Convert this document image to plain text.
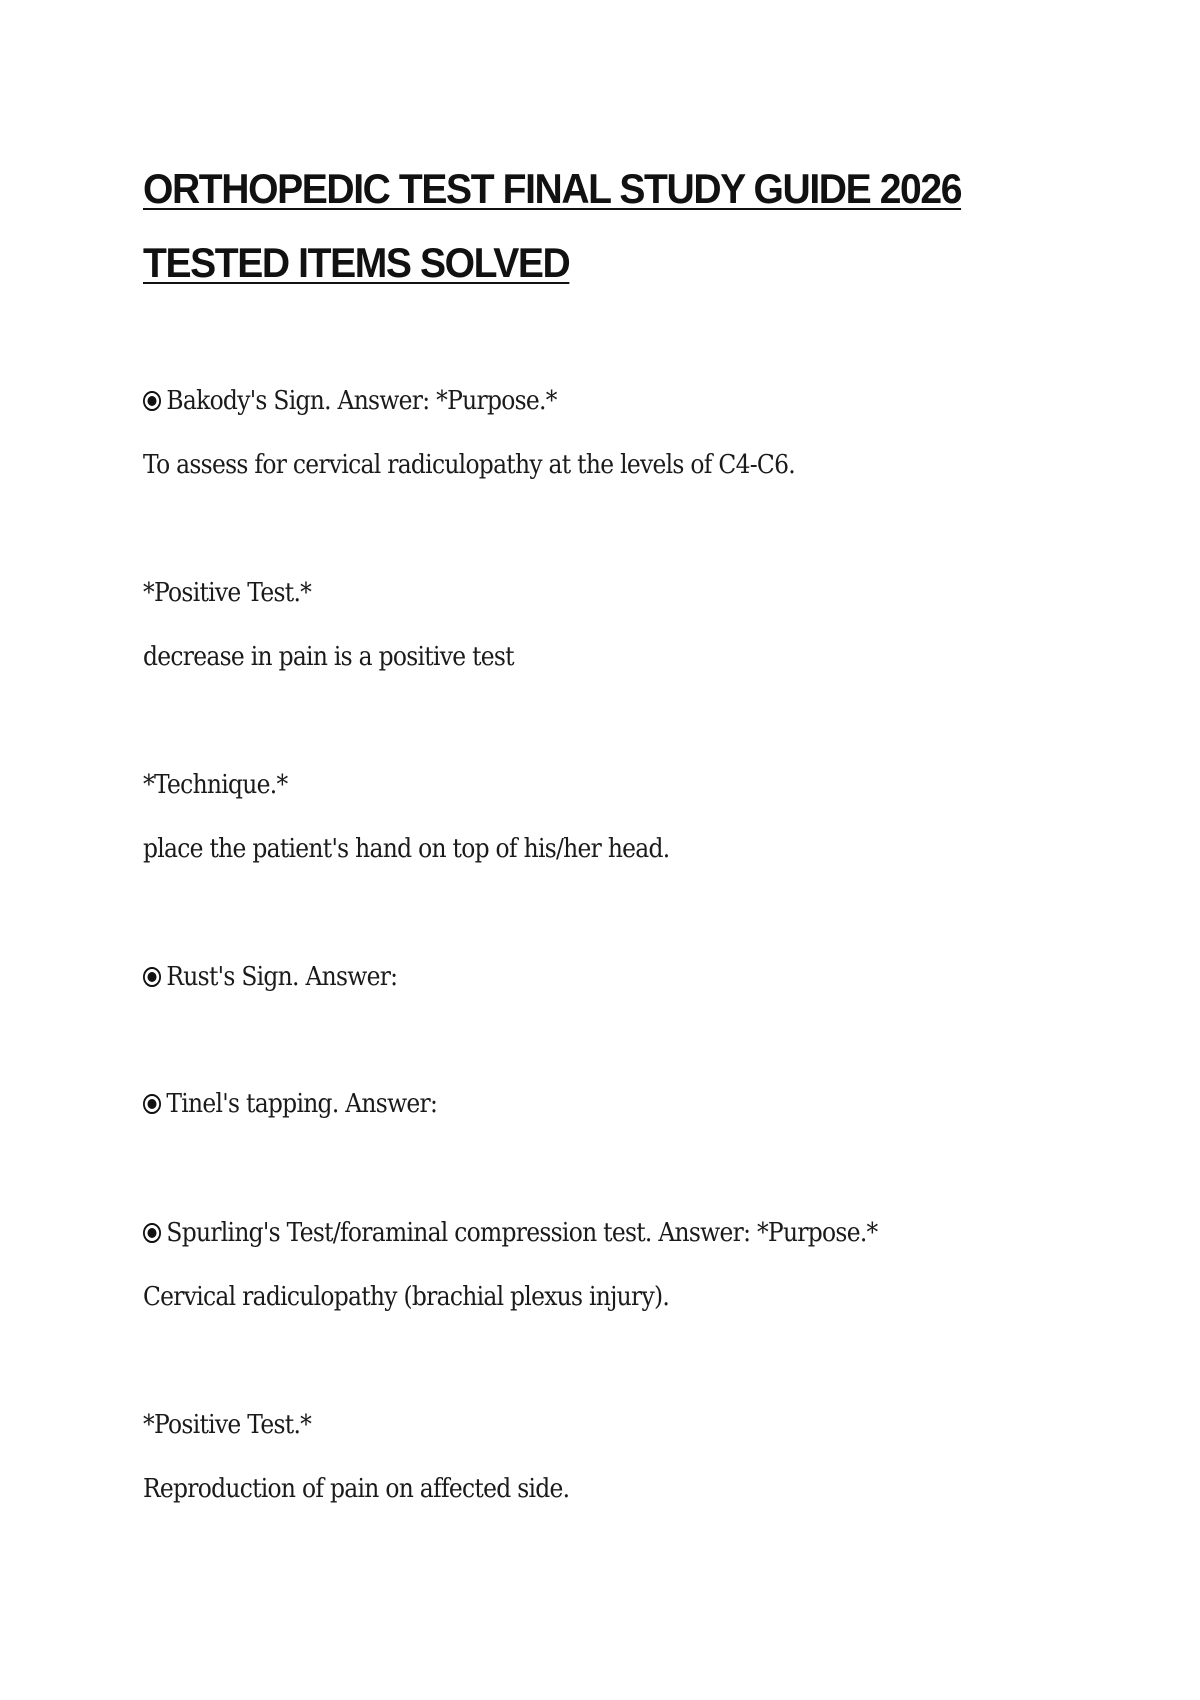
ORTHOPEDIC TEST FINAL STUDY GUIDE 2026
TESTED ITEMS SOLVED

Bakody's Sign. Answer: *Purpose.*

To assess for cervical radiculopathy at the levels of C4-C6.

*Positive Test.*

decrease in pain is a positive test

*Technique.*

place the patient's hand on top of his/her head.

Rust's Sign. Answer:

Tinel's tapping. Answer:

Spurling's Test/foraminal compression test. Answer: *Purpose.*

Cervical radiculopathy (brachial plexus injury).

*Positive Test.*

Reproduction of pain on affected side.
